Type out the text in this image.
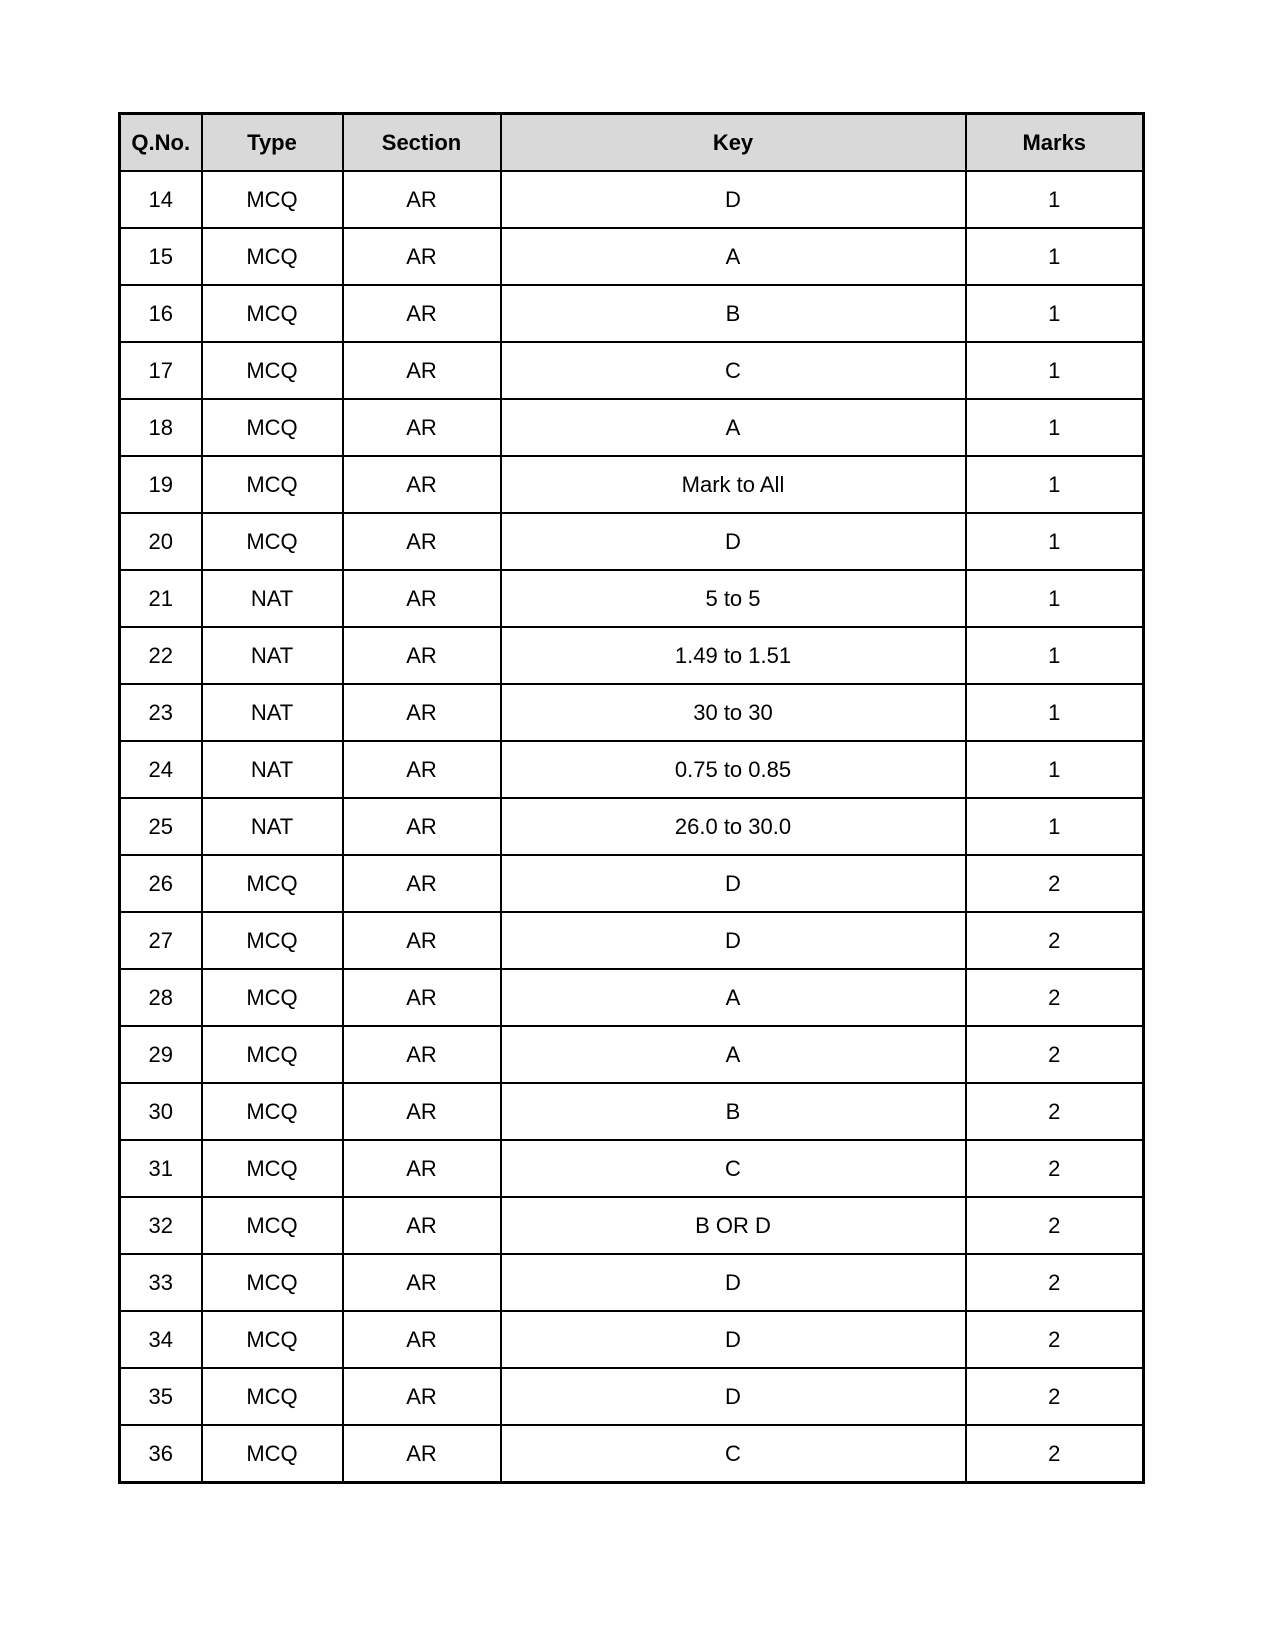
Q.No.	Type	Section	Key	Marks
14	MCQ	AR	D	1
15	MCQ	AR	A	1
16	MCQ	AR	B	1
17	MCQ	AR	C	1
18	MCQ	AR	A	1
19	MCQ	AR	Mark to All	1
20	MCQ	AR	D	1
21	NAT	AR	5 to 5	1
22	NAT	AR	1.49 to 1.51	1
23	NAT	AR	30 to 30	1
24	NAT	AR	0.75 to 0.85	1
25	NAT	AR	26.0 to 30.0	1
26	MCQ	AR	D	2
27	MCQ	AR	D	2
28	MCQ	AR	A	2
29	MCQ	AR	A	2
30	MCQ	AR	B	2
31	MCQ	AR	C	2
32	MCQ	AR	B OR D	2
33	MCQ	AR	D	2
34	MCQ	AR	D	2
35	MCQ	AR	D	2
36	MCQ	AR	C	2
